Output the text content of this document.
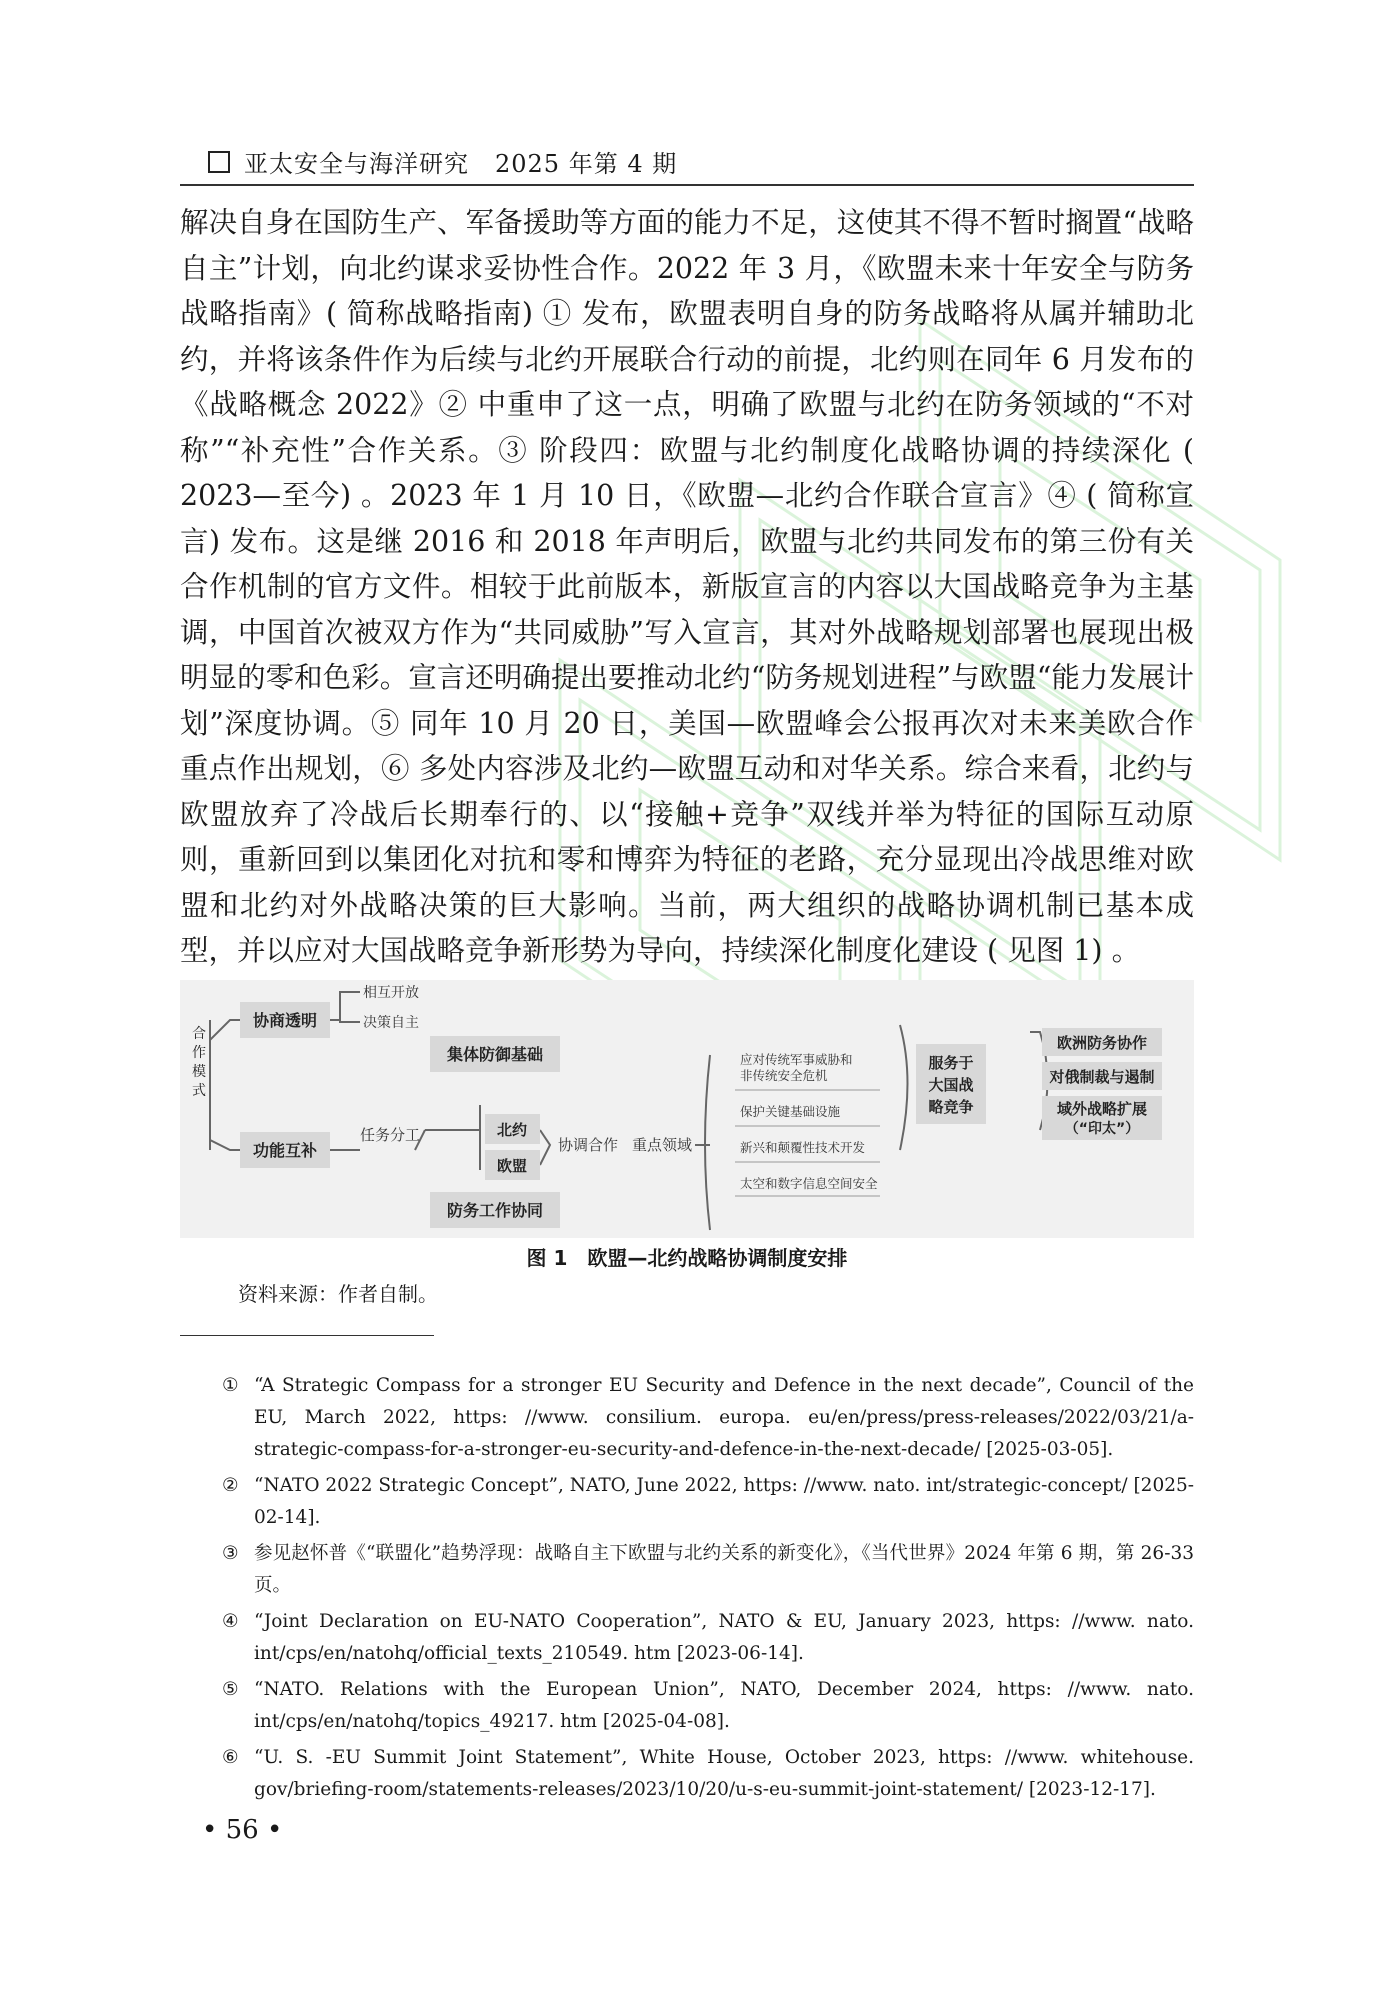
亚太安全与海洋研究 2025 年第 4 期

解决自身在国防生产、军备援助等方面的能力不足，这使其不得不暂时搁置“战略自主”计划，向北约谋求妥协性合作。2022 年 3 月，《欧盟未来十年安全与防务战略指南》( 简称战略指南) ① 发布，欧盟表明自身的防务战略将从属并辅助北约，并将该条件作为后续与北约开展联合行动的前提，北约则在同年 6 月发布的《战略概念 2022》② 中重申了这一点，明确了欧盟与北约在防务领域的“不对称”“补充性”合作关系。③ 阶段四：欧盟与北约制度化战略协调的持续深化 ( 2023—至今) 。2023 年 1 月 10 日，《欧盟—北约合作联合宣言》④ ( 简称宣言) 发布。这是继 2016 和 2018 年声明后，欧盟与北约共同发布的第三份有关合作机制的官方文件。相较于此前版本，新版宣言的内容以大国战略竞争为主基调，中国首次被双方作为“共同威胁”写入宣言，其对外战略规划部署也展现出极明显的零和色彩。宣言还明确提出要推动北约“防务规划进程”与欧盟“能力发展计划”深度协调。⑤ 同年 10 月 20 日，美国—欧盟峰会公报再次对未来美欧合作重点作出规划，⑥ 多处内容涉及北约—欧盟互动和对华关系。综合来看，北约与欧盟放弃了冷战后长期奉行的、以“接触+竞争”双线并举为特征的国际互动原则，重新回到以集团化对抗和零和博弈为特征的老路，充分显现出冷战思维对欧盟和北约对外战略决策的巨大影响。当前，两大组织的战略协调机制已基本成型，并以应对大国战略竞争新形势为导向，持续深化制度化建设 ( 见图 1) 。

合
作
模
式
协商透明
相互开放
决策自主
功能互补
任务分工
集体防御基础
北约
欧盟
防务工作协同
协调合作 重点领域
应对传统军事威胁和
非传统安全危机
保护关键基础设施
新兴和颠覆性技术开发
太空和数字信息空间安全
服务于
大国战
略竞争
欧洲防务协作
对俄制裁与遏制
域外战略扩展
（“印太”）
图 1　欧盟—北约战略协调制度安排
资料来源：作者自制。
① “A Strategic Compass for a stronger EU Security and Defence in the next decade”, Council of the EU, March 2022, https: //www. consilium. europa. eu/en/press/press-releases/2022/03/21/a-strategic-compass-for-a-stronger-eu-security-and-defence-in-the-next-decade/ [2025-03-05].
② “NATO 2022 Strategic Concept”, NATO, June 2022, https: //www. nato. int/strategic-concept/ [2025-02-14].
③ 参见赵怀普《“联盟化”趋势浮现：战略自主下欧盟与北约关系的新变化》，《当代世界》2024 年第 6 期，第 26-33 页。
④ “Joint Declaration on EU-NATO Cooperation”, NATO & EU, January 2023, https: //www. nato. int/cps/en/natohq/official_texts_210549. htm [2023-06-14].
⑤ “NATO. Relations with the European Union”, NATO, December 2024, https: //www. nato. int/cps/en/natohq/topics_49217. htm [2025-04-08].
⑥ “U. S. -EU Summit Joint Statement”, White House, October 2023, https: //www. whitehouse. gov/briefing-room/statements-releases/2023/10/20/u-s-eu-summit-joint-statement/ [2023-12-17].
• 56 •
